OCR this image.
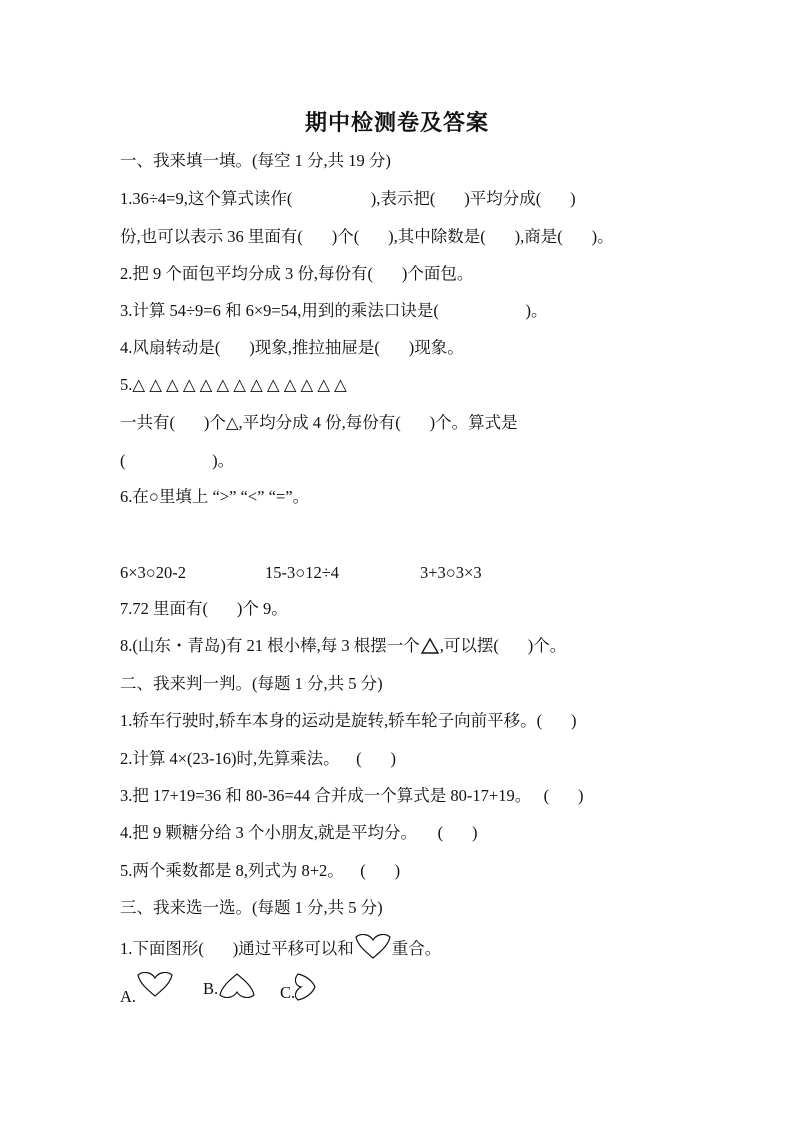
期中检测卷及答案
一、我来填一填。(每空 1 分,共 19 分)
1.36÷4=9,这个算式读作(                   ),表示把(       )平均分成(       )
份,也可以表示 36 里面有(       )个(       ),其中除数是(       ),商是(       )。
2.把 9 个面包平均分成 3 份,每份有(       )个面包。
3.计算 54÷9=6 和 6×9=54,用到的乘法口诀是(                     )。
4.风扇转动是(       )现象,推拉抽屉是(       )现象。
5.△ △ △ △ △ △ △ △ △ △ △ △ △
一共有(       )个△,平均分成 4 份,每份有(       )个。算式是
(                     )。
6.在○里填上 “>” “<” “=”。
6×3○20-2	15-3○12÷4	3+3○3×3
7.72 里面有(       )个 9。
8.(山东・青岛)有 21 根小棒,每 3 根摆一个 ,可以摆(       )个。
二、我来判一判。(每题 1 分,共 5 分)
1.轿车行驶时,轿车本身的运动是旋转,轿车轮子向前平移。(       )
2.计算 4×(23-16)时,先算乘法。    (       )
3.把 17+19=36 和 80-36=44 合并成一个算式是 80-17+19。   (       )
4.把 9 颗糖分给 3 个小朋友,就是平均分。     (       )
5.两个乘数都是 8,列式为 8+2。    (       )
三、我来选一选。(每题 1 分,共 5 分)
1.下面图形(       )通过平移可以和 重合。
A.	B.	C.
